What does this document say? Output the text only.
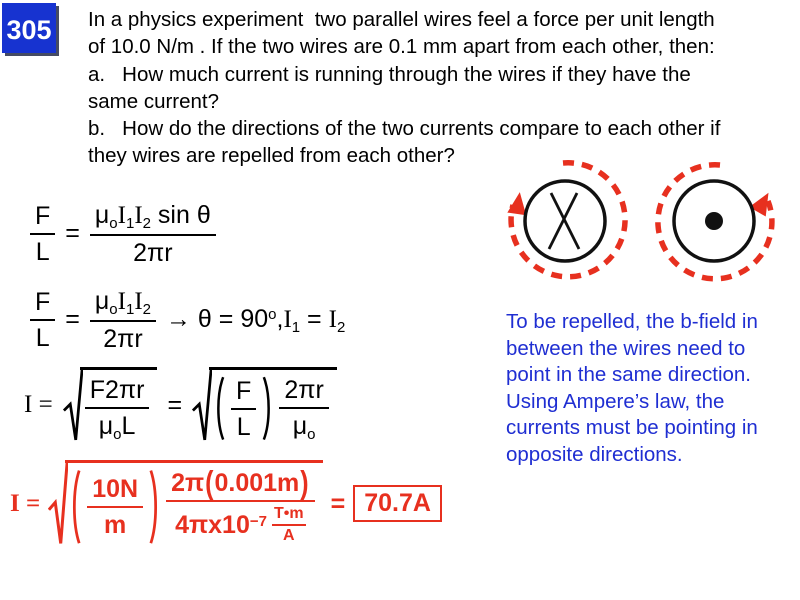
305 In a physics experiment  two parallel wires feel a force per unit length
of 10.0 N/m . If the two wires are 0.1 mm apart from each other, then:
a.   How much current is running through the wires if they have the
same current?
b.   How do the directions of the two currents compare to each other if
they wires are repelled from each other?
To be repelled, the b-field in
between the wires need to
point in the same direction.
Using Ampere’s law, the
currents must be pointing in
opposite directions.
$\frac{F}{L} = \frac{\text{μoI1I2 sin θ}}{2\pi r}$
$\frac{F}{L} = \frac{\text{μoI1I2}}{2\pi r} \to \theta = 90o,I1 = I2$
$I = \frac{F2\pi r}{\text{μoL}} = \frac{F}{L} \frac{2\pi r}{\mu o}$
$I = \frac{10N}{m} \frac{2\pi(0.001m)}{4\pi x10-7 \frac{T•m}{A}} = 70.7A$
